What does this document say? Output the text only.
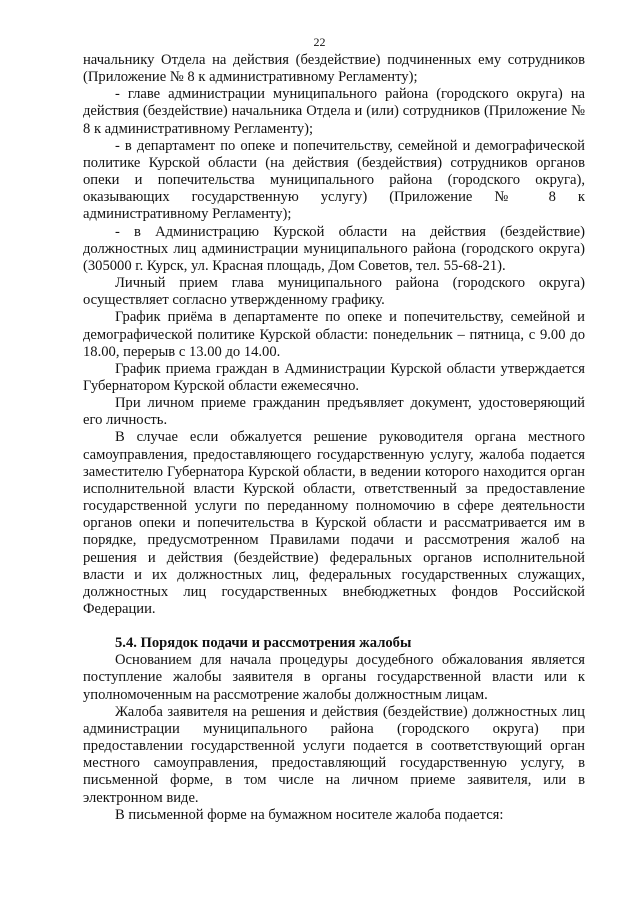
22

начальнику Отдела на действия (бездействие) подчиненных ему сотрудников (Приложение № 8 к административному Регламенту);

- главе администрации муниципального района (городского округа) на действия (бездействие) начальника Отдела и (или) сотрудников (Приложение № 8 к административному Регламенту);

- в департамент по опеке и попечительству, семейной и демографической политике Курской области (на действия (бездействия) сотрудников органов опеки и попечительства муниципального района (городского округа), оказывающих государственную услугу) (Приложение № 8 к административному Регламенту);

- в Администрацию Курской области на действия (бездействие) должностных лиц администрации муниципального района (городского округа) (305000 г. Курск, ул. Красная площадь, Дом Советов, тел. 55-68-21).

Личный прием глава муниципального района (городского округа) осуществляет согласно утвержденному графику.

График приёма в департаменте по опеке и попечительству, семейной и демографической политике Курской области: понедельник – пятница, с 9.00 до 18.00, перерыв с 13.00 до 14.00.

График приема граждан в Администрации Курской области утверждается Губернатором Курской области ежемесячно.

При личном приеме гражданин предъявляет документ, удостоверяющий его личность.

В случае если обжалуется решение руководителя органа местного самоуправления, предоставляющего государственную услугу, жалоба подается заместителю Губернатора Курской области, в ведении которого находится орган исполнительной власти Курской области, ответственный за предоставление государственной услуги по переданному полномочию в сфере деятельности органов опеки и попечительства в Курской области и рассматривается им в порядке, предусмотренном Правилами подачи и рассмотрения жалоб на решения и действия (бездействие) федеральных органов исполнительной власти и их должностных лиц, федеральных государственных служащих, должностных лиц государственных внебюджетных фондов Российской Федерации.

5.4. Порядок подачи и рассмотрения жалобы

Основанием для начала процедуры досудебного обжалования является поступление жалобы заявителя в органы государственной власти или к уполномоченным на рассмотрение жалобы должностным лицам.

Жалоба заявителя на решения и действия (бездействие) должностных лиц администрации муниципального района (городского округа) при предоставлении государственной услуги подается в соответствующий орган местного самоуправления, предоставляющий государственную услугу, в письменной форме, в том числе на личном приеме заявителя, или в электронном виде.

В письменной форме на бумажном носителе жалоба подается:
